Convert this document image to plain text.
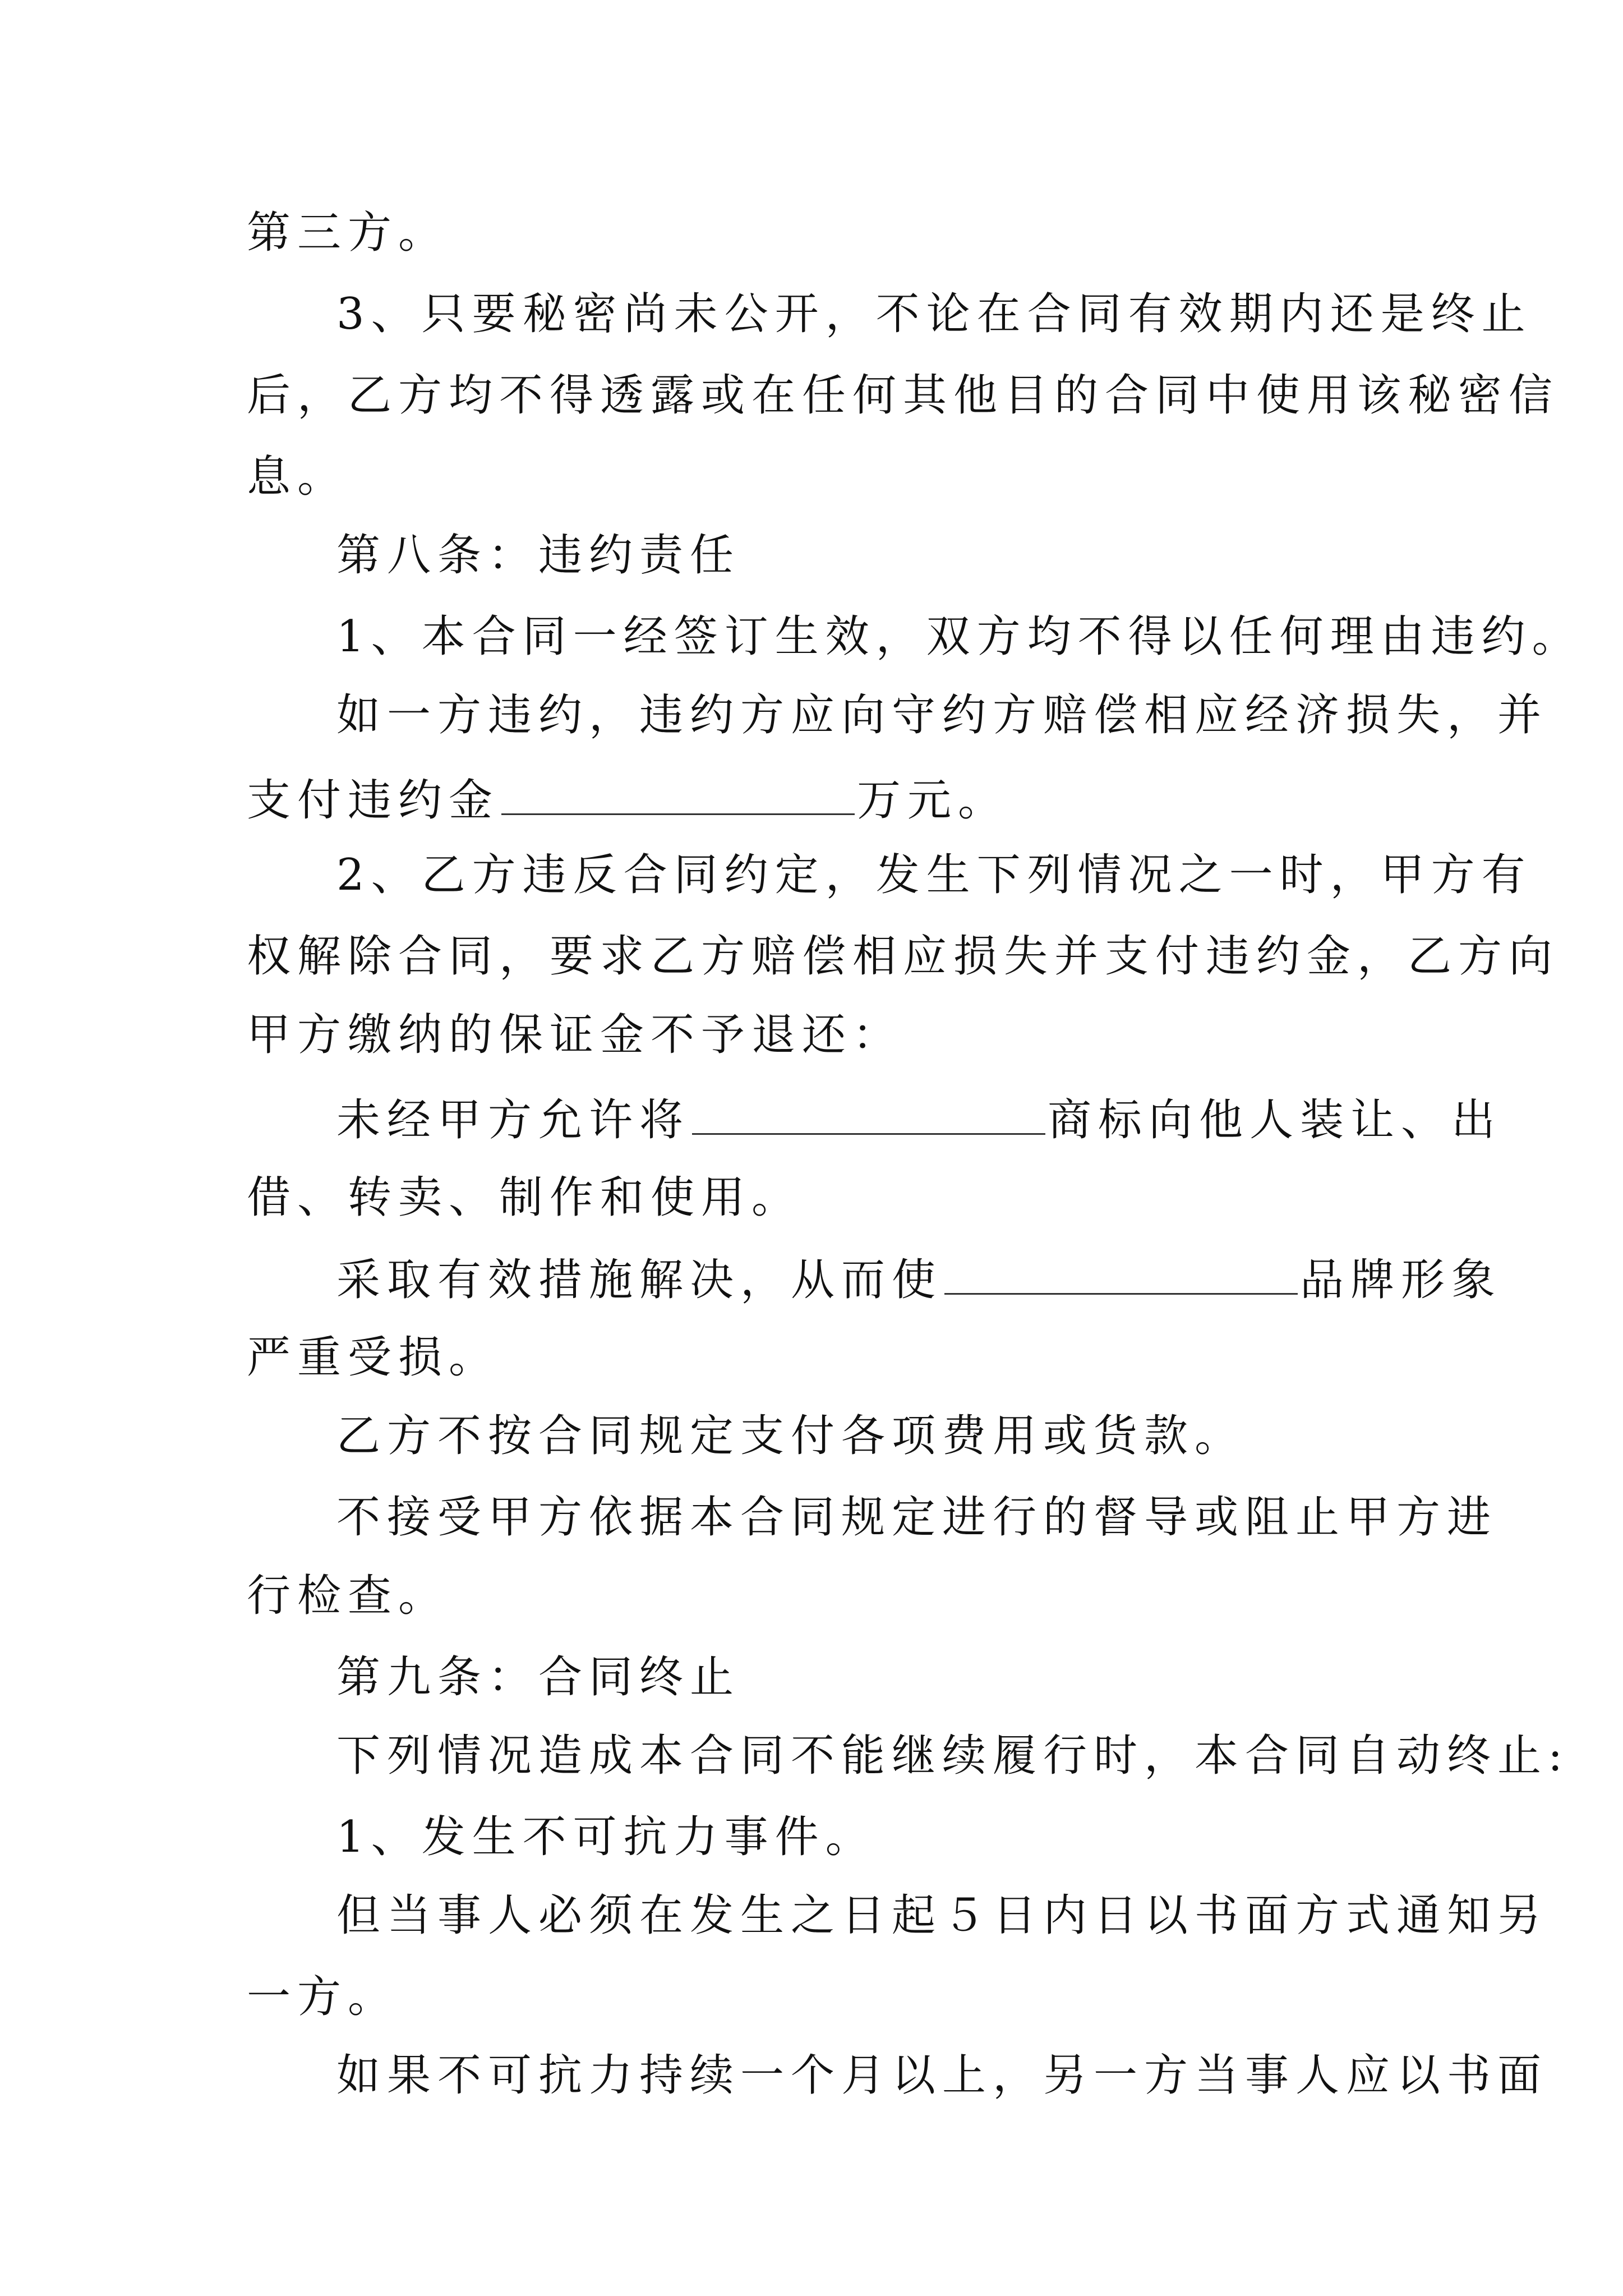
第三方。
3、只要秘密尚未公开，不论在合同有效期内还是终止
后，乙方均不得透露或在任何其他目的合同中使用该秘密信
息。
第八条：违约责任
1、本合同一经签订生效，双方均不得以任何理由违约。
如一方违约，违约方应向守约方赔偿相应经济损失，并
支付违约金	万元。
2、乙方违反合同约定，发生下列情况之一时，甲方有
权解除合同，要求乙方赔偿相应损失并支付违约金，乙方向
甲方缴纳的保证金不予退还：
未经甲方允许将	商标向他人装让、出
借、转卖、制作和使用。
采取有效措施解决，从而使	品牌形象
严重受损。
乙方不按合同规定支付各项费用或货款。
不接受甲方依据本合同规定进行的督导或阻止甲方进
行检查。
第九条：合同终止
下列情况造成本合同不能继续履行时，本合同自动终止:
1、发生不可抗力事件。
但当事人必须在发生之日起５日内日以书面方式通知另
一方。
如果不可抗力持续一个月以上，另一方当事人应以书面
